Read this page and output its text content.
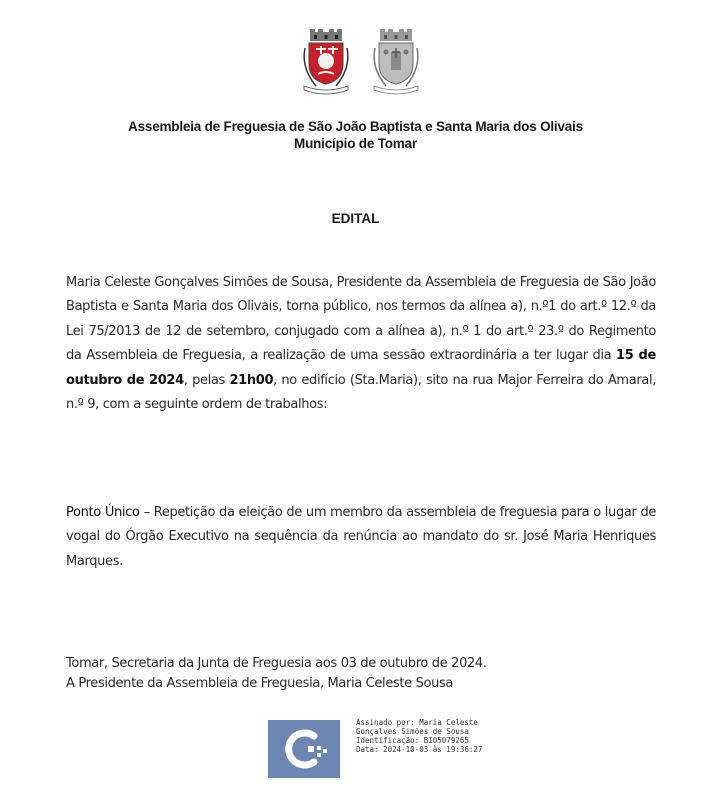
Assembleia de Freguesia de São João Baptista e Santa Maria dos Olivais
Município de Tomar
EDITAL
Maria Celeste Gonçalves Simões de Sousa, Presidente da Assembleia de Freguesia de São João Baptista e Santa Maria dos Olivais, torna público, nos termos da alínea a), n.º1 do art.º 12.º da Lei 75/2013 de 12 de setembro, conjugado com a alínea a), n.º 1 do art.º 23.º do Regimento da Assembleia de Freguesia, a realização de uma sessão extraordinária a ter lugar dia 15 de outubro de 2024, pelas 21h00, no edifício (Sta.Maria), sito na rua Major Ferreira do Amaral, n.º 9, com a seguinte ordem de trabalhos:
Ponto Único – Repetição da eleição de um membro da assembleia de freguesia para o lugar de vogal do Órgão Executivo na sequência da renúncia ao mandato do sr. José Maria Henriques Marques.
Tomar, Secretaria da Junta de Freguesia aos 03 de outubro de 2024.
A Presidente da Assembleia de Freguesia, Maria Celeste Sousa
Assinado por: Maria Celeste
Gonçalves Simões de Sousa
Identificação: BI05079265
Data: 2024-10-03 às 19:36:27
